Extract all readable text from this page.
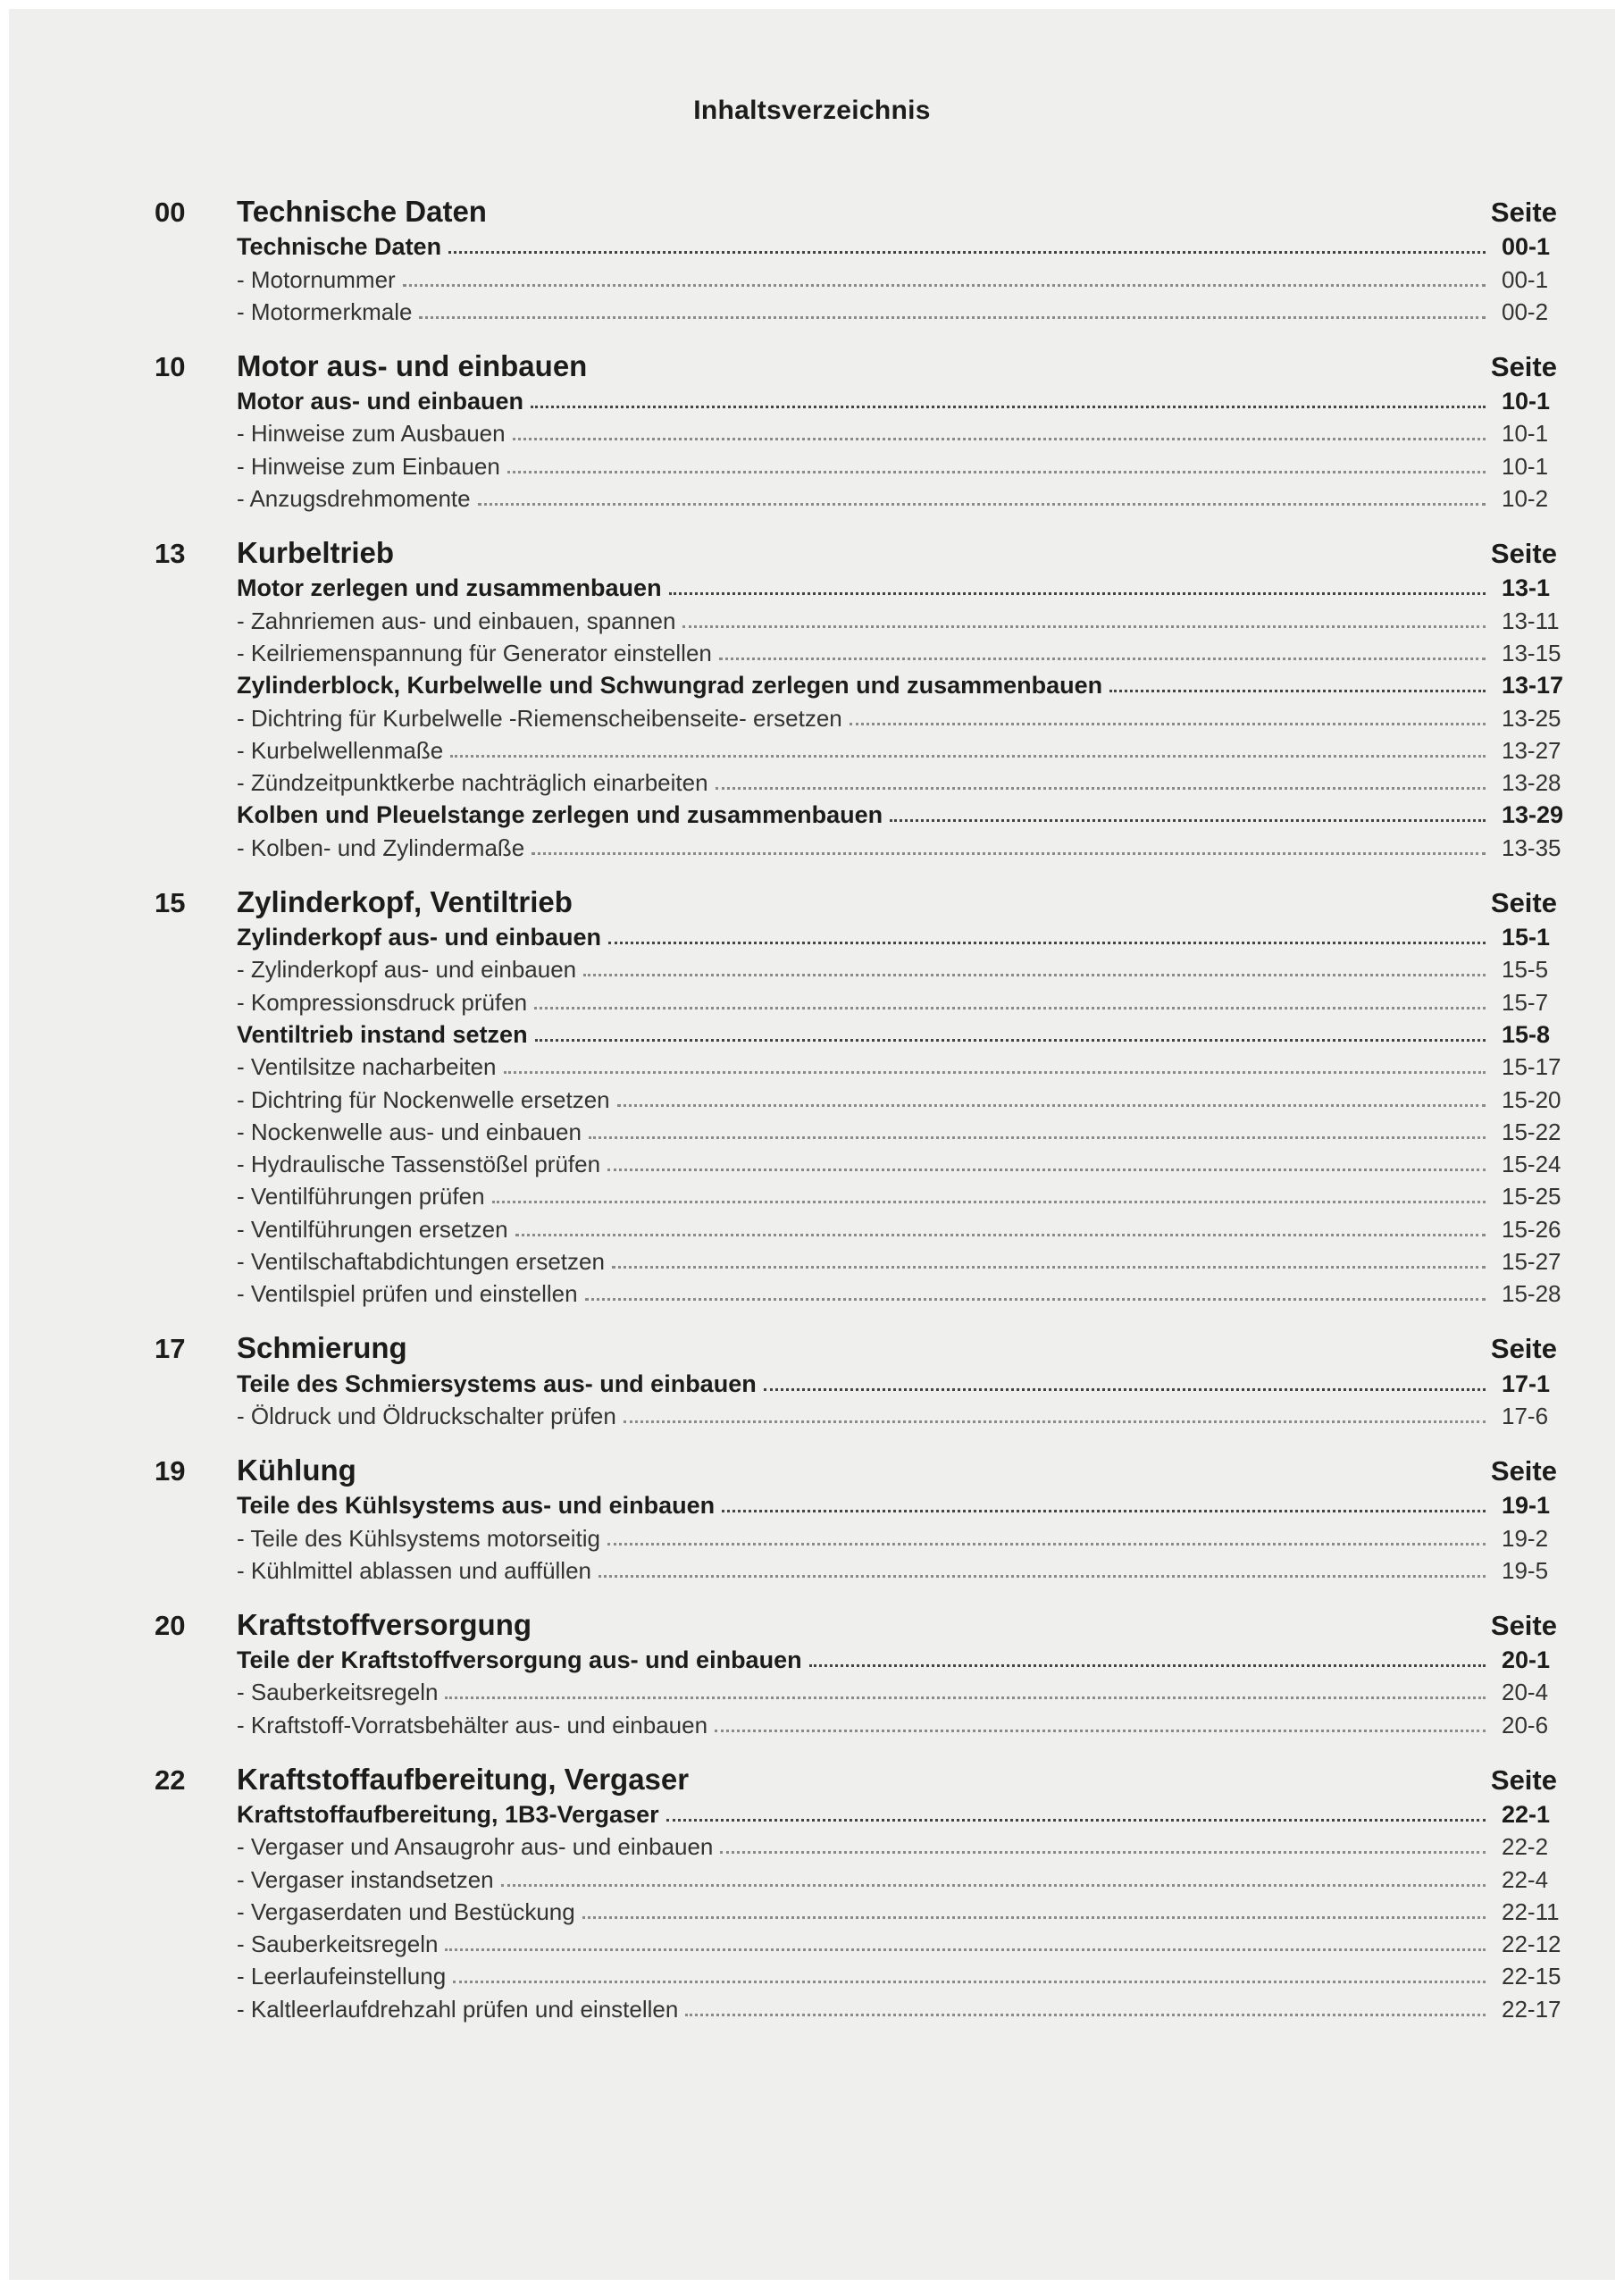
Inhaltsverzeichnis
00	Technische Daten	Seite
Technische Daten	00-1
- Motornummer	00-1
- Motormerkmale	00-2
10	Motor aus- und einbauen	Seite
Motor aus- und einbauen	10-1
- Hinweise zum Ausbauen	10-1
- Hinweise zum Einbauen	10-1
- Anzugsdrehmomente	10-2
13	Kurbeltrieb	Seite
Motor zerlegen und zusammenbauen	13-1
- Zahnriemen aus- und einbauen, spannen	13-11
- Keilriemenspannung für Generator einstellen	13-15
Zylinderblock, Kurbelwelle und Schwungrad zerlegen und zusammenbauen	13-17
- Dichtring für Kurbelwelle -Riemenscheibenseite- ersetzen	13-25
- Kurbelwellenmaße	13-27
- Zündzeitpunktkerbe nachträglich einarbeiten	13-28
Kolben und Pleuelstange zerlegen und zusammenbauen	13-29
- Kolben- und Zylindermaße	13-35
15	Zylinderkopf, Ventiltrieb	Seite
Zylinderkopf aus- und einbauen	15-1
- Zylinderkopf aus- und einbauen	15-5
- Kompressionsdruck prüfen	15-7
Ventiltrieb instand setzen	15-8
- Ventilsitze nacharbeiten	15-17
- Dichtring für Nockenwelle ersetzen	15-20
- Nockenwelle aus- und einbauen	15-22
- Hydraulische Tassenstößel prüfen	15-24
- Ventilführungen prüfen	15-25
- Ventilführungen ersetzen	15-26
- Ventilschaftabdichtungen ersetzen	15-27
- Ventilspiel prüfen und einstellen	15-28
17	Schmierung	Seite
Teile des Schmiersystems aus- und einbauen	17-1
- Öldruck und Öldruckschalter prüfen	17-6
19	Kühlung	Seite
Teile des Kühlsystems aus- und einbauen	19-1
- Teile des Kühlsystems motorseitig	19-2
- Kühlmittel ablassen und auffüllen	19-5
20	Kraftstoffversorgung	Seite
Teile der Kraftstoffversorgung aus- und einbauen	20-1
- Sauberkeitsregeln	20-4
- Kraftstoff-Vorratsbehälter aus- und einbauen	20-6
22	Kraftstoffaufbereitung, Vergaser	Seite
Kraftstoffaufbereitung, 1B3-Vergaser	22-1
- Vergaser und Ansaugrohr aus- und einbauen	22-2
- Vergaser instandsetzen	22-4
- Vergaserdaten und Bestückung	22-11
- Sauberkeitsregeln	22-12
- Leerlaufeinstellung	22-15
- Kaltleerlaufdrehzahl prüfen und einstellen	22-17
